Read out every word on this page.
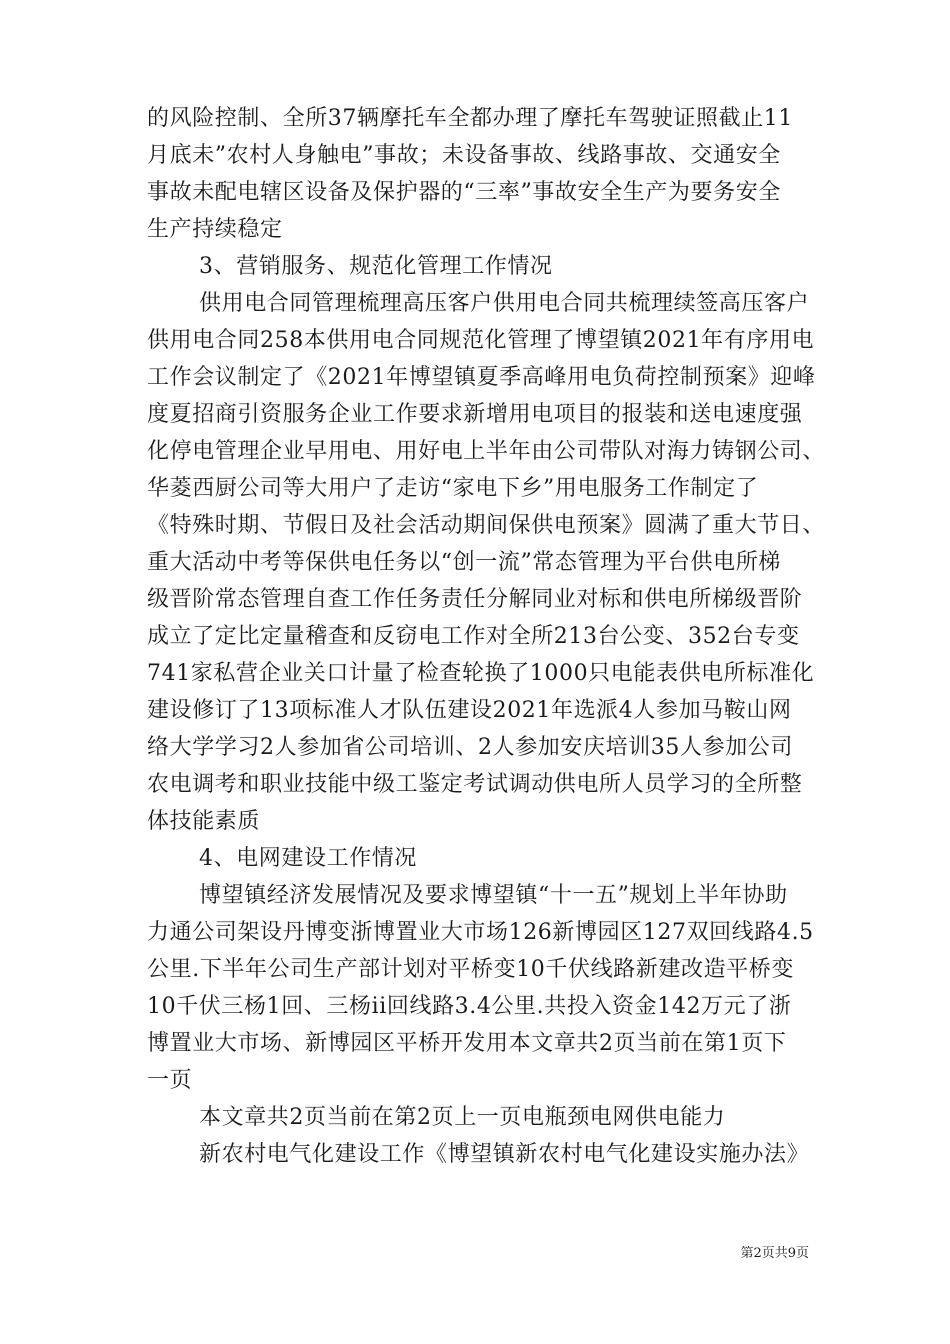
的风险控制、全所37辆摩托车全都办理了摩托车驾驶证照截止11
月底未”农村人身触电”事故；未设备事故、线路事故、交通安全
事故未配电辖区设备及保护器的“三率”事故安全生产为要务安全
生产持续稳定
3、营销服务、规范化管理工作情况
供用电合同管理梳理高压客户供用电合同共梳理续签高压客户
供用电合同258本供用电合同规范化管理了博望镇2021年有序用电
工作会议制定了《2021年博望镇夏季高峰用电负荷控制预案》迎峰
度夏招商引资服务企业工作要求新增用电项目的报装和送电速度强
化停电管理企业早用电、用好电上半年由公司带队对海力铸钢公司、
华菱西厨公司等大用户了走访“家电下乡”用电服务工作制定了
《特殊时期、节假日及社会活动期间保供电预案》圆满了重大节日、
重大活动中考等保供电任务以“创一流”常态管理为平台供电所梯
级晋阶常态管理自查工作任务责任分解同业对标和供电所梯级晋阶
成立了定比定量稽查和反窃电工作对全所213台公变、352台专变
741家私营企业关口计量了检查轮换了1000只电能表供电所标准化
建设修订了13项标准人才队伍建设2021年选派4人参加马鞍山网
络大学学习2人参加省公司培训、2人参加安庆培训35人参加公司
农电调考和职业技能中级工鉴定考试调动供电所人员学习的全所整
体技能素质
4、电网建设工作情况
博望镇经济发展情况及要求博望镇“十一五”规划上半年协助
力通公司架设丹博变浙博置业大市场126新博园区127双回线路4.5
公里.下半年公司生产部计划对平桥变10千伏线路新建改造平桥变
10千伏三杨1回、三杨ii回线路3.4公里.共投入资金142万元了浙
博置业大市场、新博园区平桥开发用本文章共2页当前在第1页下
一页
本文章共2页当前在第2页上一页电瓶颈电网供电能力
新农村电气化建设工作《博望镇新农村电气化建设实施办法》
第2页共9页
